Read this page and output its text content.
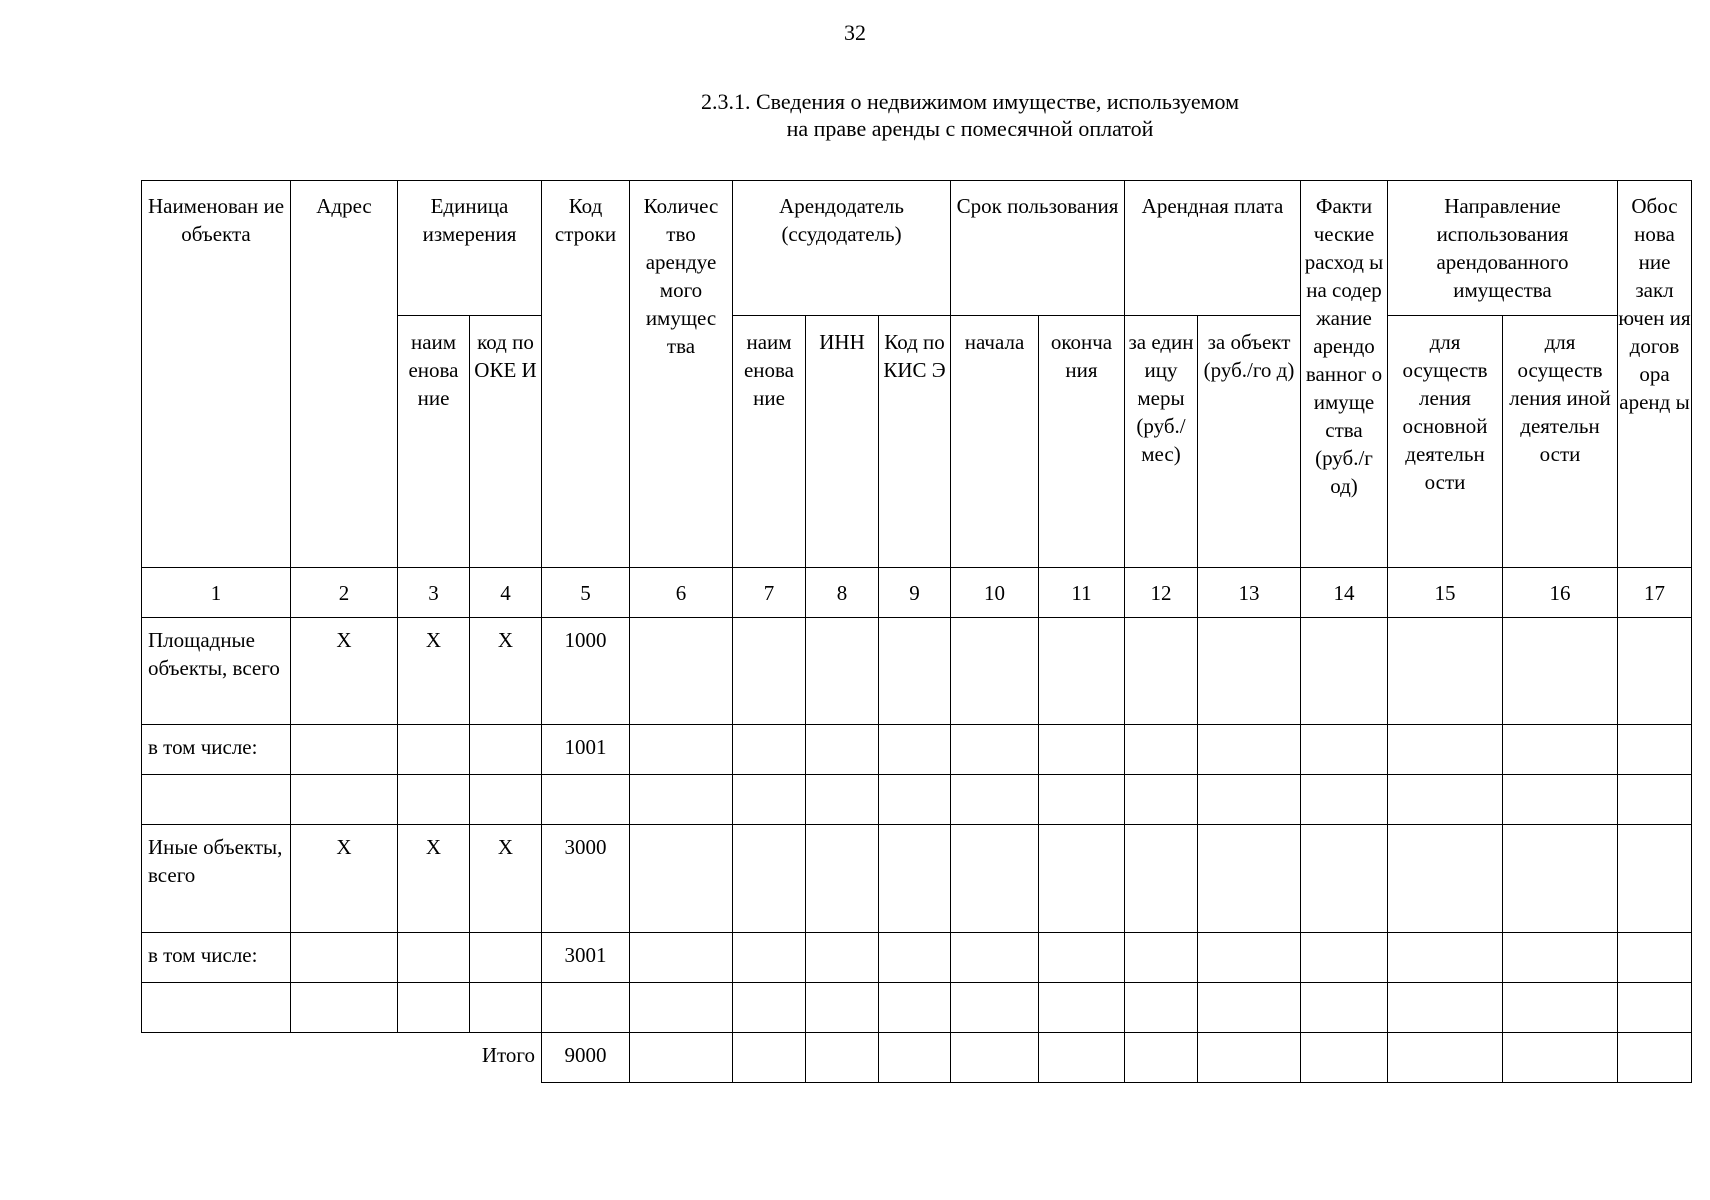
32
2.3.1. Сведения о недвижимом имуществе, используемом
на праве аренды с помесячной оплатой
Наименован ие объекта	Адрес	Единица измерения		Код строки	Количес тво арендуе мого имущес тва	Арендодатель (ссудодатель)			Срок пользования		Арендная плата		Факти ческие расход ы на содер жание арендо ванног о имуще ства (руб./г од)	Направление использования арендованного имущества		Обос нова ние закл ючен ия догов ора аренд ы
		наим енова ние	код по ОКЕ И			наим енова ние	ИНН	Код по КИС Э	начала	оконча ния	за един ицу меры (руб./ мес)	за объект (руб./го д)		для осуществ ления основной деятельн ости	для осуществ ления иной деятельн ости	
1	2	3	4	5	6	7	8	9	10	11	12	13	14	15	16	17
Площадные объекты, всего	X	X	X	1000												
в том числе:				1001												

Иные объекты, всего	X	X	X	3000												
в том числе:				3001												

			Итого	9000												
